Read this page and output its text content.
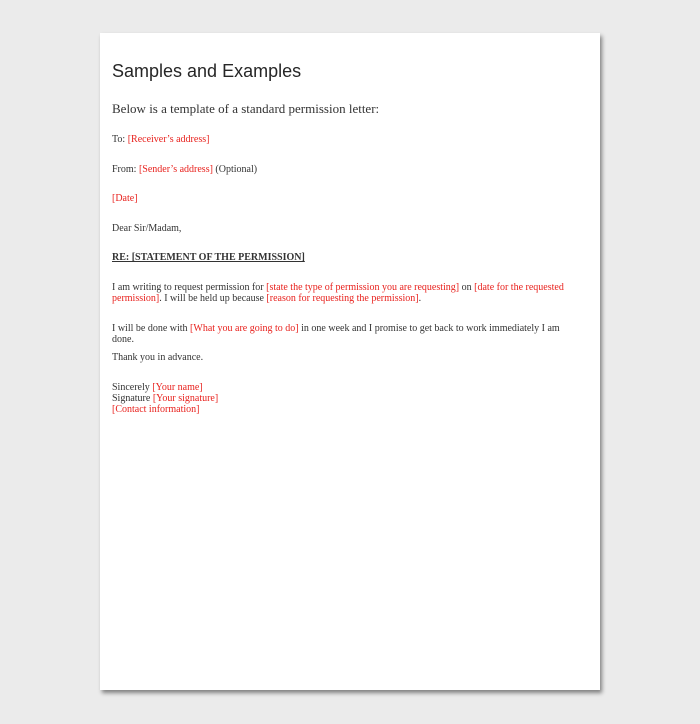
Samples and Examples
Below is a template of a standard permission letter:
To: [Receiver’s address]
From: [Sender’s address] (Optional)
[Date]
Dear Sir/Madam,
RE: [STATEMENT OF THE PERMISSION]
I am writing to request permission for [state the type of permission you are requesting] on [date for the requested permission]. I will be held up because [reason for requesting the permission].
I will be done with [What you are going to do] in one week and I promise to get back to work immediately I am done.
Thank you in advance.
Sincerely [Your name]
Signature [Your signature]
[Contact information]
